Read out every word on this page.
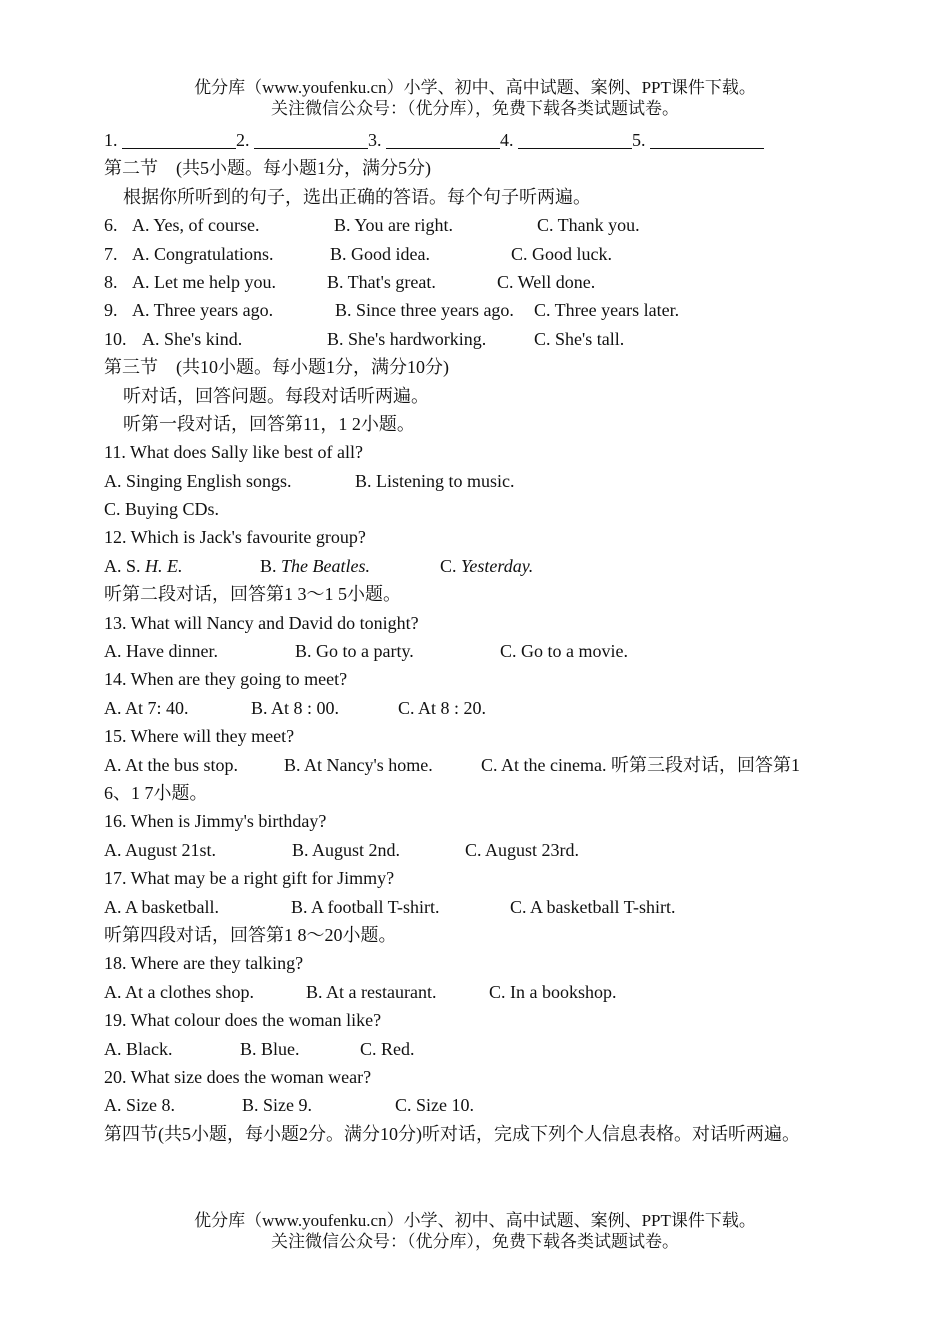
优分库（www.youfenku.cn）小学、初中、高中试题、案例、PPT课件下载。
关注微信公众号：（优分库），免费下载各类试题试卷。
1.	2.	3.	4.	5.
第二节　(共5小题。每小题1分，满分5分)
根据你所听到的句子，选出正确的答语。每个句子听两遍。
6. A. Yes, of course.	B. You are right.	C. Thank you.
7. A. Congratulations.	B. Good idea.	C. Good luck.
8. A. Let me help you.	B. That's great.	C. Well done.
9. A. Three years ago.	B. Since three years ago. C. Three years later.
10. A. She's kind.	B. She's hardworking.	C. She's tall.
第三节　(共10小题。每小题1分，满分10分)
听对话，回答问题。每段对话听两遍。
听第一段对话，回答第11，1 2小题。
11. What does Sally like best of all?
A. Singing English songs.	B. Listening to music.
C. Buying CDs.
12. Which is Jack's favourite group?
A. S. H. E.	B. The Beatles.	C. Yesterday.
听第二段对话，回答第1 3～1 5小题。
13. What will Nancy and David do tonight?
A. Have dinner.	B. Go to a party.	C. Go to a movie.
14. When are they going to meet?
A. At 7: 40.	B. At 8 : 00.	C. At 8 : 20.
15. Where will they meet?
A. At the bus stop.	B. At Nancy's home.	C. At the cinema. 听第三段对话，回答第1
6、1 7小题。
16. When is Jimmy's birthday?
A. August 21st.	B. August 2nd.	C. August 23rd.
17. What may be a right gift for Jimmy?
A. A basketball.	B. A football T-shirt.	C. A basketball T-shirt.
听第四段对话，回答第1 8～20小题。
18. Where are they talking?
A. At a clothes shop.	B. At a restaurant.	C. In a bookshop.
19. What colour does the woman like?
A. Black.	B. Blue.	C. Red.
20. What size does the woman wear?
A. Size 8.	B. Size 9.	C. Size 10.
第四节(共5小题，每小题2分。满分10分)听对话，完成下列个人信息表格。对话听两遍。
优分库（www.youfenku.cn）小学、初中、高中试题、案例、PPT课件下载。
关注微信公众号：（优分库），免费下载各类试题试卷。
